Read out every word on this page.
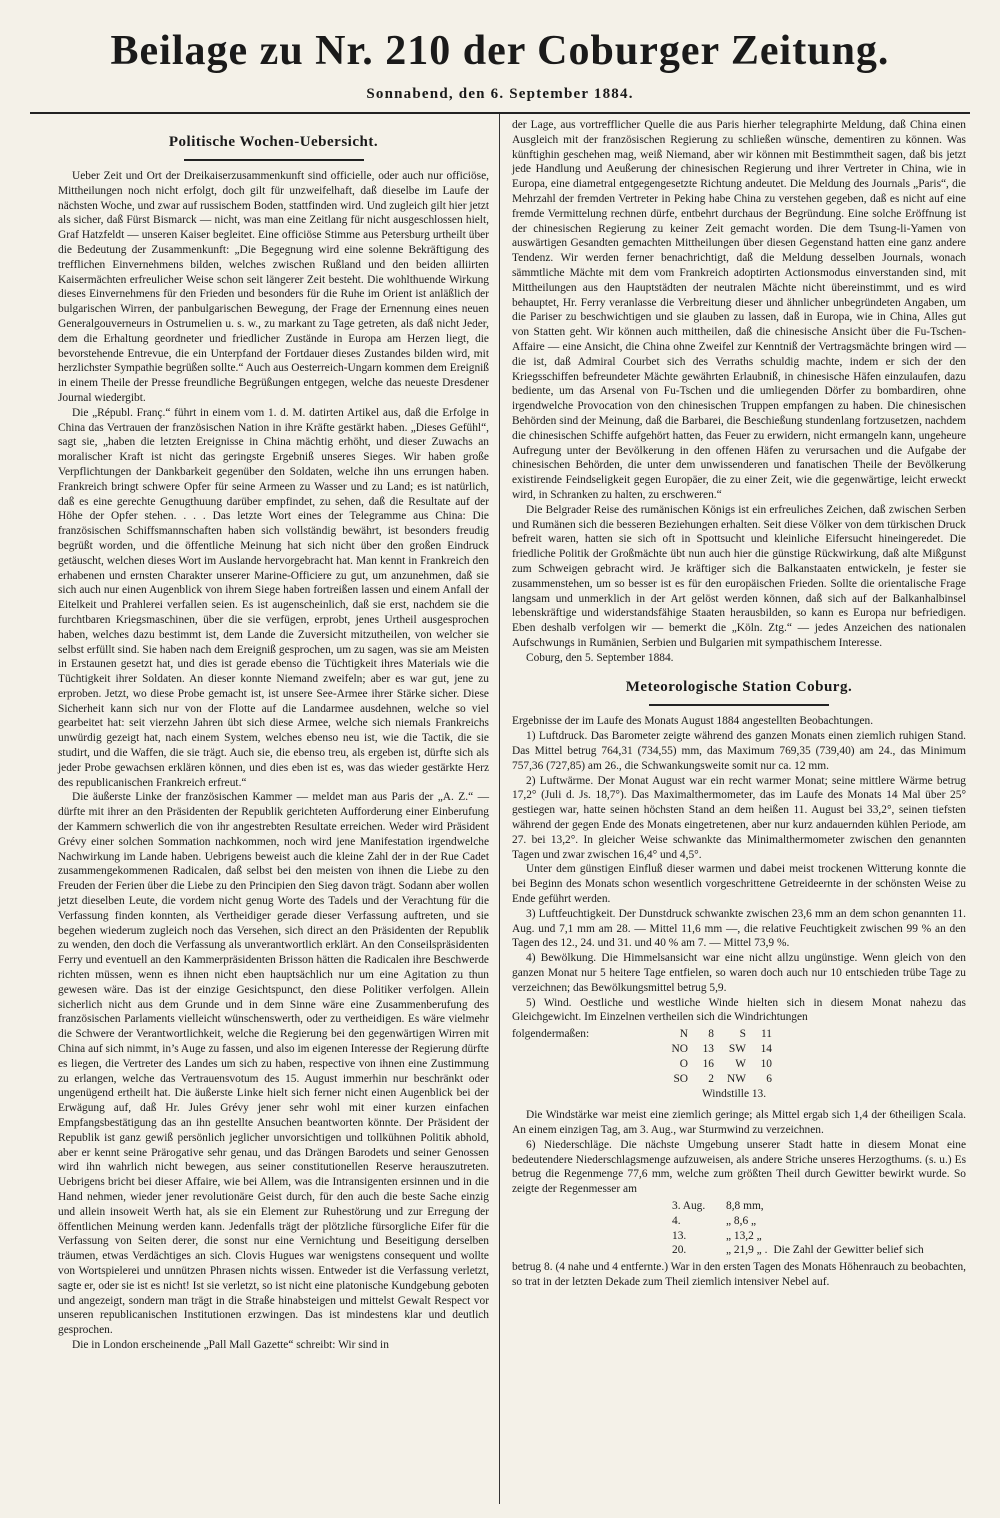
Beilage zu Nr. 210 der Coburger Zeitung.
Sonnabend, den 6. September 1884.
Politische Wochen-Uebersicht.

Ueber Zeit und Ort der Dreikaiserzusammenkunft sind officielle, oder auch nur officiöse, Mittheilungen noch nicht erfolgt, doch gilt für unzweifelhaft, daß dieselbe im Laufe der nächsten Woche, und zwar auf russischem Boden, stattfinden wird. Und zugleich gilt hier jetzt als sicher, daß Fürst Bismarck — nicht, was man eine Zeitlang für nicht ausgeschlossen hielt, Graf Hatzfeldt — unseren Kaiser begleitet. Eine officiöse Stimme aus Petersburg urtheilt über die Bedeutung der Zusammenkunft: „Die Begegnung wird eine solenne Bekräftigung des trefflichen Einvernehmens bilden, welches zwischen Rußland und den beiden alliirten Kaisermächten erfreulicher Weise schon seit längerer Zeit besteht. Die wohlthuende Wirkung dieses Einvernehmens für den Frieden und besonders für die Ruhe im Orient ist anläßlich der bulgarischen Wirren, der panbulgarischen Bewegung, der Frage der Ernennung eines neuen Generalgouverneurs in Ostrumelien u. s. w., zu markant zu Tage getreten, als daß nicht Jeder, dem die Erhaltung geordneter und friedlicher Zustände in Europa am Herzen liegt, die bevorstehende Entrevue, die ein Unterpfand der Fortdauer dieses Zustandes bilden wird, mit herzlichster Sympathie begrüßen sollte.“ Auch aus Oesterreich-Ungarn kommen dem Ereigniß in einem Theile der Presse freundliche Begrüßungen entgegen, welche das neueste Dresdener Journal wiedergibt.

Die „Républ. Franç.“ führt in einem vom 1. d. M. datirten Artikel aus, daß die Erfolge in China das Vertrauen der französischen Nation in ihre Kräfte gestärkt haben. „Dieses Gefühl“, sagt sie, „haben die letzten Ereignisse in China mächtig erhöht, und dieser Zuwachs an moralischer Kraft ist nicht das geringste Ergebniß unseres Sieges. Wir haben große Verpflichtungen der Dankbarkeit gegenüber den Soldaten, welche ihn uns errungen haben. Frankreich bringt schwere Opfer für seine Armeen zu Wasser und zu Land; es ist natürlich, daß es eine gerechte Genugthuung darüber empfindet, zu sehen, daß die Resultate auf der Höhe der Opfer stehen. . . . Das letzte Wort eines der Telegramme aus China: Die französischen Schiffsmannschaften haben sich vollständig bewährt, ist besonders freudig begrüßt worden, und die öffentliche Meinung hat sich nicht über den großen Eindruck getäuscht, welchen dieses Wort im Auslande hervorgebracht hat. Man kennt in Frankreich den erhabenen und ernsten Charakter unserer Marine-Officiere zu gut, um anzunehmen, daß sie sich auch nur einen Augenblick von ihrem Siege haben fortreißen lassen und einem Anfall der Eitelkeit und Prahlerei verfallen seien. Es ist augenscheinlich, daß sie erst, nachdem sie die furchtbaren Kriegsmaschinen, über die sie verfügen, erprobt, jenes Urtheil ausgesprochen haben, welches dazu bestimmt ist, dem Lande die Zuversicht mitzutheilen, von welcher sie selbst erfüllt sind. Sie haben nach dem Ereigniß gesprochen, um zu sagen, was sie am Meisten in Erstaunen gesetzt hat, und dies ist gerade ebenso die Tüchtigkeit ihres Materials wie die Tüchtigkeit ihrer Soldaten. An dieser konnte Niemand zweifeln; aber es war gut, jene zu erproben. Jetzt, wo diese Probe gemacht ist, ist unsere See-Armee ihrer Stärke sicher. Diese Sicherheit kann sich nur von der Flotte auf die Landarmee ausdehnen, welche so viel gearbeitet hat: seit vierzehn Jahren übt sich diese Armee, welche sich niemals Frankreichs unwürdig gezeigt hat, nach einem System, welches ebenso neu ist, wie die Tactik, die sie studirt, und die Waffen, die sie trägt. Auch sie, die ebenso treu, als ergeben ist, dürfte sich als jeder Probe gewachsen erklären können, und dies eben ist es, was das wieder gestärkte Herz des republicanischen Frankreich erfreut.“

Die äußerste Linke der französischen Kammer — meldet man aus Paris der „A. Z.“ — dürfte mit ihrer an den Präsidenten der Republik gerichteten Aufforderung einer Einberufung der Kammern schwerlich die von ihr angestrebten Resultate erreichen. Weder wird Präsident Grévy einer solchen Sommation nachkommen, noch wird jene Manifestation irgendwelche Nachwirkung im Lande haben. Uebrigens beweist auch die kleine Zahl der in der Rue Cadet zusammengekommenen Radicalen, daß selbst bei den meisten von ihnen die Liebe zu den Freuden der Ferien über die Liebe zu den Principien den Sieg davon trägt. Sodann aber wollen jetzt dieselben Leute, die vordem nicht genug Worte des Tadels und der Verachtung für die Verfassung finden konnten, als Vertheidiger gerade dieser Verfassung auftreten, und sie begehen wiederum zugleich noch das Versehen, sich direct an den Präsidenten der Republik zu wenden, den doch die Verfassung als unverantwortlich erklärt. An den Conseilspräsidenten Ferry und eventuell an den Kammerpräsidenten Brisson hätten die Radicalen ihre Beschwerde richten müssen, wenn es ihnen nicht eben hauptsächlich nur um eine Agitation zu thun gewesen wäre. Das ist der einzige Gesichtspunct, den diese Politiker verfolgen. Allein sicherlich nicht aus dem Grunde und in dem Sinne wäre eine Zusammenberufung des französischen Parlaments vielleicht wünschenswerth, oder zu vertheidigen. Es wäre vielmehr die Schwere der Verantwortlichkeit, welche die Regierung bei den gegenwärtigen Wirren mit China auf sich nimmt, in’s Auge zu fassen, und also im eigenen Interesse der Regierung dürfte es liegen, die Vertreter des Landes um sich zu haben, respective von ihnen eine Zustimmung zu erlangen, welche das Vertrauensvotum des 15. August immerhin nur beschränkt oder ungenügend ertheilt hat. Die äußerste Linke hielt sich ferner nicht einen Augenblick bei der Erwägung auf, daß Hr. Jules Grévy jener sehr wohl mit einer kurzen einfachen Empfangsbestätigung das an ihn gestellte Ansuchen beantworten könnte. Der Präsident der Republik ist ganz gewiß persönlich jeglicher unvorsichtigen und tollkühnen Politik abhold, aber er kennt seine Prärogative sehr genau, und das Drängen Barodets und seiner Genossen wird ihn wahrlich nicht bewegen, aus seiner constitutionellen Reserve herauszutreten. Uebrigens bricht bei dieser Affaire, wie bei Allem, was die Intransigenten ersinnen und in die Hand nehmen, wieder jener revolutionäre Geist durch, für den auch die beste Sache einzig und allein insoweit Werth hat, als sie ein Element zur Ruhestörung und zur Erregung der öffentlichen Meinung werden kann. Jedenfalls trägt der plötzliche fürsorgliche Eifer für die Verfassung von Seiten derer, die sonst nur eine Vernichtung und Beseitigung derselben träumen, etwas Verdächtiges an sich. Clovis Hugues war wenigstens consequent und wollte von Wortspielerei und unnützen Phrasen nichts wissen. Entweder ist die Verfassung verletzt, sagte er, oder sie ist es nicht! Ist sie verletzt, so ist nicht eine platonische Kundgebung geboten und angezeigt, sondern man trägt in die Straße hinabsteigen und mittelst Gewalt Respect vor unseren republicanischen Institutionen erzwingen. Das ist mindestens klar und deutlich gesprochen.

Die in London erscheinende „Pall Mall Gazette“ schreibt: Wir sind in

der Lage, aus vortrefflicher Quelle die aus Paris hierher telegraphirte Meldung, daß China einen Ausgleich mit der französischen Regierung zu schließen wünsche, dementiren zu können. Was künftighin geschehen mag, weiß Niemand, aber wir können mit Bestimmtheit sagen, daß bis jetzt jede Handlung und Aeußerung der chinesischen Regierung und ihrer Vertreter in China, wie in Europa, eine diametral entgegengesetzte Richtung andeutet. Die Meldung des Journals „Paris“, die Mehrzahl der fremden Vertreter in Peking habe China zu verstehen gegeben, daß es nicht auf eine fremde Vermittelung rechnen dürfe, entbehrt durchaus der Begründung. Eine solche Eröffnung ist der chinesischen Regierung zu keiner Zeit gemacht worden. Die dem Tsung-li-Yamen von auswärtigen Gesandten gemachten Mittheilungen über diesen Gegenstand hatten eine ganz andere Tendenz. Wir werden ferner benachrichtigt, daß die Meldung desselben Journals, wonach sämmtliche Mächte mit dem vom Frankreich adoptirten Actionsmodus einverstanden sind, mit Mittheilungen aus den Hauptstädten der neutralen Mächte nicht übereinstimmt, und es wird behauptet, Hr. Ferry veranlasse die Verbreitung dieser und ähnlicher unbegründeten Angaben, um die Pariser zu beschwichtigen und sie glauben zu lassen, daß in Europa, wie in China, Alles gut von Statten geht. Wir können auch mittheilen, daß die chinesische Ansicht über die Fu-Tschen-Affaire — eine Ansicht, die China ohne Zweifel zur Kenntniß der Vertragsmächte bringen wird — die ist, daß Admiral Courbet sich des Verraths schuldig machte, indem er sich der den Kriegsschiffen befreundeter Mächte gewährten Erlaubniß, in chinesische Häfen einzulaufen, dazu bediente, um das Arsenal von Fu-Tschen und die umliegenden Dörfer zu bombardiren, ohne irgendwelche Provocation von den chinesischen Truppen empfangen zu haben. Die chinesischen Behörden sind der Meinung, daß die Barbarei, die Beschießung stundenlang fortzusetzen, nachdem die chinesischen Schiffe aufgehört hatten, das Feuer zu erwidern, nicht ermangeln kann, ungeheure Aufregung unter der Bevölkerung in den offenen Häfen zu verursachen und die Aufgabe der chinesischen Behörden, die unter dem unwissenderen und fanatischen Theile der Bevölkerung existirende Feindseligkeit gegen Europäer, die zu einer Zeit, wie die gegenwärtige, leicht erweckt wird, in Schranken zu halten, zu erschweren.“

Die Belgrader Reise des rumänischen Königs ist ein erfreuliches Zeichen, daß zwischen Serben und Rumänen sich die besseren Beziehungen erhalten. Seit diese Völker von dem türkischen Druck befreit waren, hatten sie sich oft in Spottsucht und kleinliche Eifersucht hineingeredet. Die friedliche Politik der Großmächte übt nun auch hier die günstige Rückwirkung, daß alte Mißgunst zum Schweigen gebracht wird. Je kräftiger sich die Balkanstaaten entwickeln, je fester sie zusammenstehen, um so besser ist es für den europäischen Frieden. Sollte die orientalische Frage langsam und unmerklich in der Art gelöst werden können, daß sich auf der Balkanhalbinsel lebenskräftige und widerstandsfähige Staaten herausbilden, so kann es Europa nur befriedigen. Eben deshalb verfolgen wir — bemerkt die „Köln. Ztg.“ — jedes Anzeichen des nationalen Aufschwungs in Rumänien, Serbien und Bulgarien mit sympathischem Interesse.

Coburg, den 5. September 1884.

Meteorologische Station Coburg.

Ergebnisse der im Laufe des Monats August 1884 angestellten Beobachtungen.

1) Luftdruck. Das Barometer zeigte während des ganzen Monats einen ziemlich ruhigen Stand. Das Mittel betrug 764,31 (734,55) mm, das Maximum 769,35 (739,40) am 24., das Minimum 757,36 (727,85) am 26., die Schwankungsweite somit nur ca. 12 mm.

2) Luftwärme. Der Monat August war ein recht warmer Monat; seine mittlere Wärme betrug 17,2° (Juli d. Js. 18,7°). Das Maximalthermometer, das im Laufe des Monats 14 Mal über 25° gestiegen war, hatte seinen höchsten Stand an dem heißen 11. August bei 33,2°, seinen tiefsten während der gegen Ende des Monats eingetretenen, aber nur kurz andauernden kühlen Periode, am 27. bei 13,2°. In gleicher Weise schwankte das Minimalthermometer zwischen den genannten Tagen und zwar zwischen 16,4° und 4,5°.

Unter dem günstigen Einfluß dieser warmen und dabei meist trockenen Witterung konnte die bei Beginn des Monats schon wesentlich vorgeschrittene Getreideernte in der schönsten Weise zu Ende geführt werden.

3) Luftfeuchtigkeit. Der Dunstdruck schwankte zwischen 23,6 mm an dem schon genannten 11. Aug. und 7,1 mm am 28. — Mittel 11,6 mm —, die relative Feuchtigkeit zwischen 99 % an den Tagen des 12., 24. und 31. und 40 % am 7. — Mittel 73,9 %.

4) Bewölkung. Die Himmelsansicht war eine nicht allzu ungünstige. Wenn gleich von den ganzen Monat nur 5 heitere Tage entfielen, so waren doch auch nur 10 entschieden trübe Tage zu verzeichnen; das Bewölkungsmittel betrug 5,9.

5) Wind. Oestliche und westliche Winde hielten sich in diesem Monat nahezu das Gleichgewicht. Im Einzelnen vertheilen sich die Windrichtungen

folgendermaßen:	N	8	S	11
NO	13	SW	14
O	16	W	10
SO	2	NW	6
Windstille 13.

Die Windstärke war meist eine ziemlich geringe; als Mittel ergab sich 1,4 der 6theiligen Scala. An einem einzigen Tag, am 3. Aug., war Sturmwind zu verzeichnen.

6) Niederschläge. Die nächste Umgebung unserer Stadt hatte in diesem Monat eine bedeutendere Niederschlagsmenge aufzuweisen, als andere Striche unseres Herzogthums. (s. u.) Es betrug die Regenmenge 77,6 mm, welche zum größten Theil durch Gewitter bewirkt wurde. So zeigte der Regenmesser am

3. Aug.	8,8 mm,
4.	„ 8,6 „
13.	„ 13,2 „
20.	„ 21,9 „ . Die Zahl der Gewitter belief sich

betrug 8. (4 nahe und 4 entfernte.) War in den ersten Tagen des Monats Höhenrauch zu beobachten, so trat in der letzten Dekade zum Theil ziemlich intensiver Nebel auf.
